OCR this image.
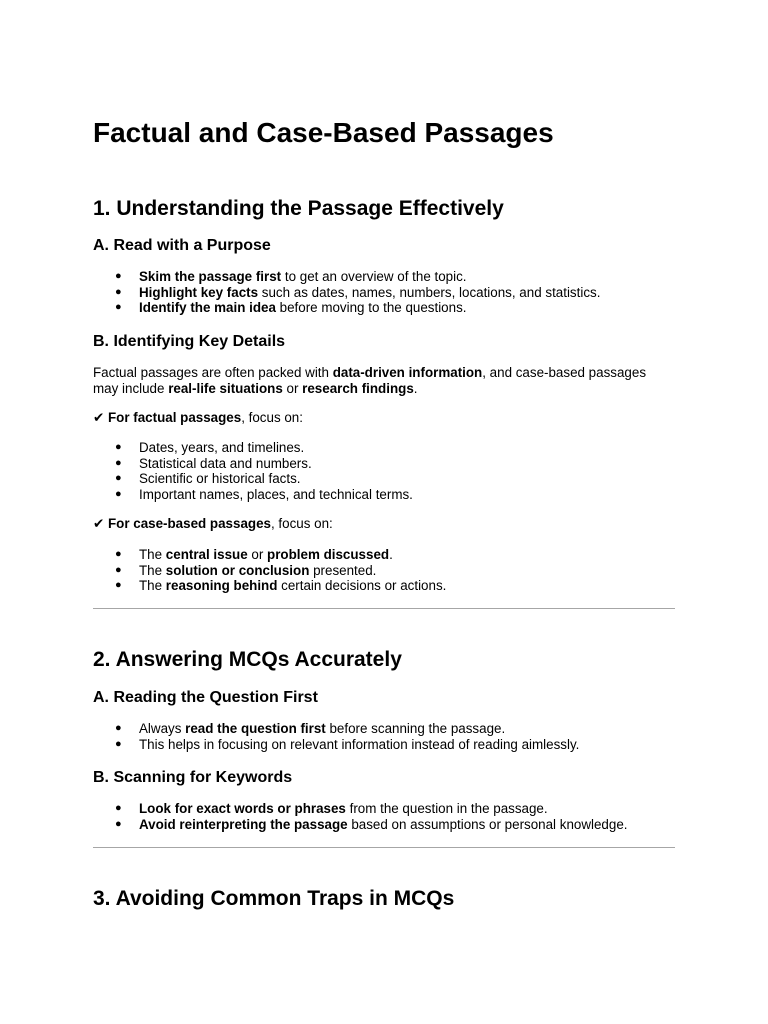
Factual and Case-Based Passages
1. Understanding the Passage Effectively
A. Read with a Purpose
● Skim the passage first to get an overview of the topic.
● Highlight key facts such as dates, names, numbers, locations, and statistics.
● Identify the main idea before moving to the questions.
B. Identifying Key Details

Factual passages are often packed with data-driven information, and case-based passages may include real-life situations or research findings.

✔ For factual passages, focus on:

● Dates, years, and timelines.
● Statistical data and numbers.
● Scientific or historical facts.
● Important names, places, and technical terms.

✔ For case-based passages, focus on:

● The central issue or problem discussed.
● The solution or conclusion presented.
● The reasoning behind certain decisions or actions.
2. Answering MCQs Accurately
A. Reading the Question First
● Always read the question first before scanning the passage.
● This helps in focusing on relevant information instead of reading aimlessly.
B. Scanning for Keywords
● Look for exact words or phrases from the question in the passage.
● Avoid reinterpreting the passage based on assumptions or personal knowledge.
3. Avoiding Common Traps in MCQs
